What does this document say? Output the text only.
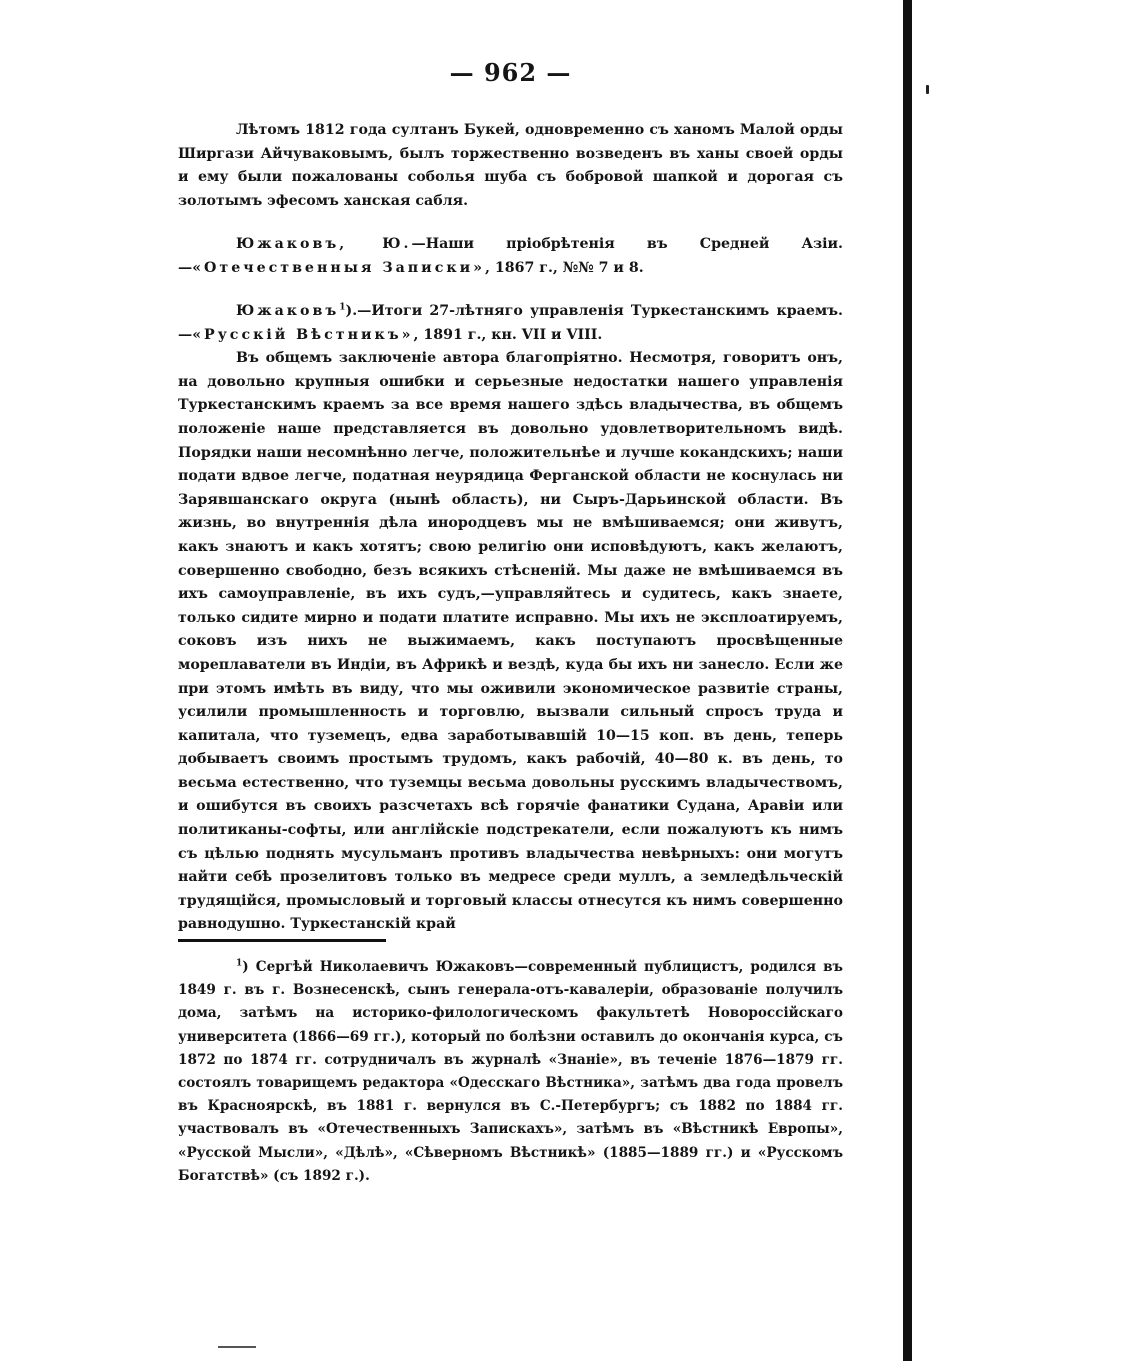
— 962 —

Лѣтомъ 1812 года султанъ Букей, одновременно съ ханомъ Малой орды Ширгази Айчуваковымъ, былъ торжественно возведенъ въ ханы своей орды и ему были пожалованы соболья шуба съ бобровой шапкой и дорогая съ золотымъ эфесомъ ханская сабля.

Южаковъ, Ю.—Наши пріобрѣтенія въ Средней Азіи.—«Отечественныя Записки», 1867 г., №№ 7 и 8.

Южаковъ$^1$).—Итоги 27-лѣтняго управленія Туркестанскимъ краемъ.—«Русскій Вѣстникъ», 1891 г., кн. VII и VIII.

Въ общемъ заключеніе автора благопріятно. Несмотря, говоритъ онъ, на довольно крупныя ошибки и серьезные недостатки нашего управленія Туркестанскимъ краемъ за все время нашего здѣсь владычества, въ общемъ положеніе наше представляется въ довольно удовлетворительномъ видѣ. Порядки наши несомнѣнно легче, положительнѣе и лучше кокандскихъ; наши подати вдвое легче, податная неурядица Ферганской области не коснулась ни Зарявшанскаго округа (нынѣ область), ни Сыръ-Дарьинской области. Въ жизнь, во внутреннія дѣла инородцевъ мы не вмѣшиваемся; они живутъ, какъ знаютъ и какъ хотятъ; свою религію они исповѣдуютъ, какъ желаютъ, совершенно свободно, безъ всякихъ стѣсненій. Мы даже не вмѣшиваемся въ ихъ самоуправленіе, въ ихъ судъ,—управляйтесь и судитесь, какъ знаете, только сидите мирно и подати платите исправно. Мы ихъ не эксплоатируемъ, соковъ изъ нихъ не выжимаемъ, какъ поступаютъ просвѣщенные мореплаватели въ Индіи, въ Африкѣ и вездѣ, куда бы ихъ ни занесло. Если же при этомъ имѣть въ виду, что мы оживили экономическое развитіе страны, усилили промышленность и торговлю, вызвали сильный спросъ труда и капитала, что туземецъ, едва заработывавшій 10—15 коп. въ день, теперь добываетъ своимъ простымъ трудомъ, какъ рабочій, 40—80 к. въ день, то весьма естественно, что туземцы весьма довольны русскимъ владычествомъ, и ошибутся въ своихъ разсчетахъ всѣ горячіе фанатики Судана, Аравіи или политиканы-софты, или англійскіе подстрекатели, если пожалуютъ къ нимъ съ цѣлью поднять мусульманъ противъ владычества невѣрныхъ: они могутъ найти себѣ прозелитовъ только въ медресе среди муллъ, а земледѣльческій трудящійся, промысловый и торговый классы отнесутся къ нимъ совершенно равнодушно. Туркестанскій край

$^1$) Сергѣй Николаевичъ Южаковъ—современный публицистъ, родился въ 1849 г. въ г. Вознесенскѣ, сынъ генерала-отъ-кавалеріи, образованіе получилъ дома, затѣмъ на историко-филологическомъ факультетѣ Новороссійскаго университета (1866—69 гг.), который по болѣзни оставилъ до окончанія курса, съ 1872 по 1874 гг. сотрудничалъ въ журналѣ «Знаніе», въ теченіе 1876—1879 гг. состоялъ товарищемъ редактора «Одесскаго Вѣстника», затѣмъ два года провелъ въ Красноярскѣ, въ 1881 г. вернулся въ С.-Петербургъ; съ 1882 по 1884 гг. участвовалъ въ «Отечественныхъ Запискахъ», затѣмъ въ «Вѣстникѣ Европы», «Русской Мысли», «Дѣлѣ», «Сѣверномъ Вѣстникѣ» (1885—1889 гг.) и «Русскомъ Богатствѣ» (съ 1892 г.).
